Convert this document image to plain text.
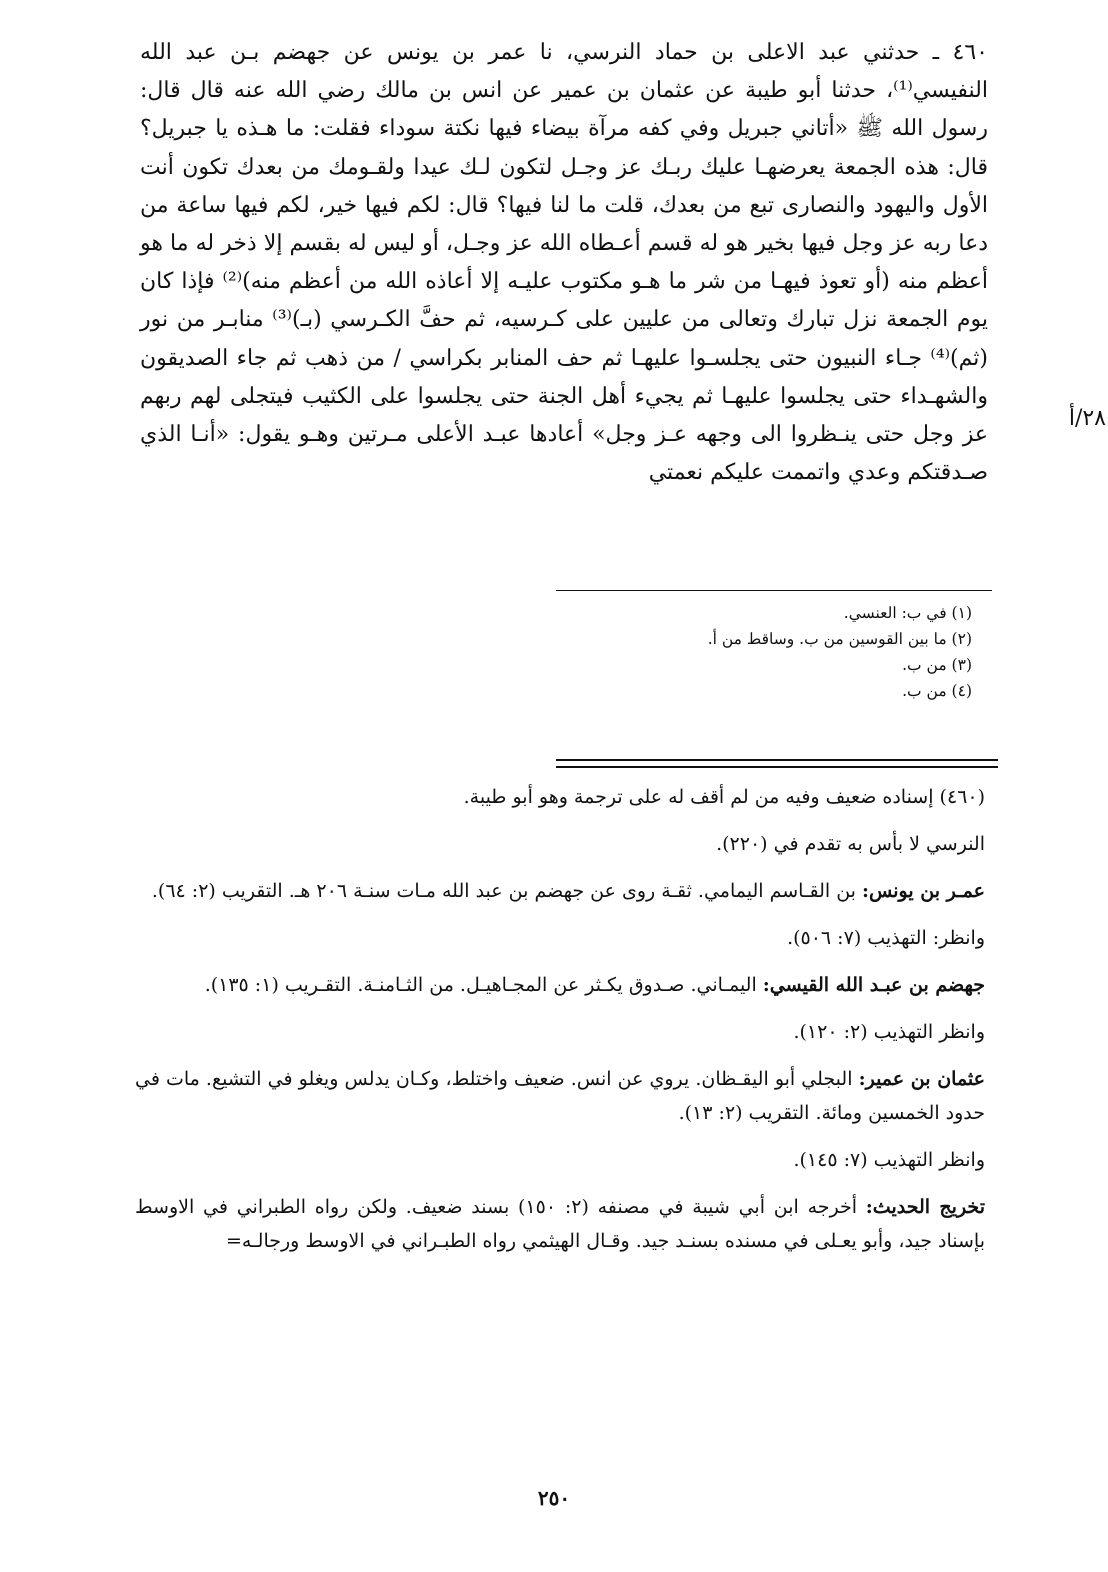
٤٦٠ ـ حدثني عبد الاعلى بن حماد النرسي، نا عمر بن يونس عن جهضم بـن عبد الله النفيسي⁽¹⁾، حدثنا أبو طيبة عن عثمان بن عمير عن انس بن مالك رضي الله عنه قال قال: رسول الله ﷺ «أتاني جبريل وفي كفه مرآة بيضاء فيها نكتة سوداء فقلت: ما هـذه يا جبريل؟ قال: هذه الجمعة يعرضهـا عليك ربـك عز وجـل لتكون لـك عيدا ولقـومك من بعدك تكون أنت الأول واليهود والنصارى تبع من بعدك، قلت ما لنا فيها؟ قال: لكم فيها خير، لكم فيها ساعة من دعا ربه عز وجل فيها بخير هو له قسم أعـطاه الله عز وجـل، أو ليس له بقسم إلا ذخر له ما هو أعظم منه (أو تعوذ فيهـا من شر ما هـو مكتوب عليـه إلا أعاذه الله من أعظم منه)⁽²⁾ فإذا كان يوم الجمعة نزل تبارك وتعالى من عليين على كـرسيه، ثم حفَّ الكـرسي (بـ)⁽³⁾ منابـر من نور (ثم)⁽⁴⁾ جـاء النبيون حتى يجلسـوا عليهـا ثم حف المنابر بكراسي / من ذهب ثم جاء الصديقون والشهـداء حتى يجلسوا عليهـا ثم يجيء أهل الجنة حتى يجلسوا على الكثيب فيتجلى لهم ربهم عز وجل حتى ينـظروا الى وجهه عـز وجل» أعادها عبـد الأعلى مـرتين وهـو يقول: «أنـا الذي صـدقتكم وعدي واتممت عليكم نعمتي

٢٨/أ
(١) في ب: العنسي.
(٢) ما بين القوسين من ب. وساقط من أ.
(٣) من ب.
(٤) من ب.

(٤٦٠) إسناده ضعيف وفيه من لم أقف له على ترجمة وهو أبو طيبة.

النرسي لا بأس به تقدم في (٢٢٠).

عمـر بن يونس: بن القـاسم اليمامي. ثقـة روى عن جهضم بن عبد الله مـات سنـة ٢٠٦ هـ. التقريب (٢: ٦٤).

وانظر: التهذيب (٧: ٥٠٦).

جهضم بن عبـد الله القيسي: اليمـاني. صـدوق يكـثر عن المجـاهيـل. من الثـامنـة. التقـريب (١: ١٣٥).

وانظر التهذيب (٢: ١٢٠).

عثمان بن عمير: البجلي أبو اليقـظان. يروي عن انس. ضعيف واختلط، وكـان يدلس ويغلو في التشيع. مات في حدود الخمسين ومائة. التقريب (٢: ١٣).

وانظر التهذيب (٧: ١٤٥).

تخريج الحديث: أخرجه ابن أبي شيبة في مصنفه (٢: ١٥٠) بسند ضعيف. ولكن رواه الطبراني في الاوسط بإسناد جيد، وأبو يعـلى في مسنده بسنـد جيد. وقـال الهيثمي رواه الطبـراني في الاوسط ورجالـه=

٢٥٠
